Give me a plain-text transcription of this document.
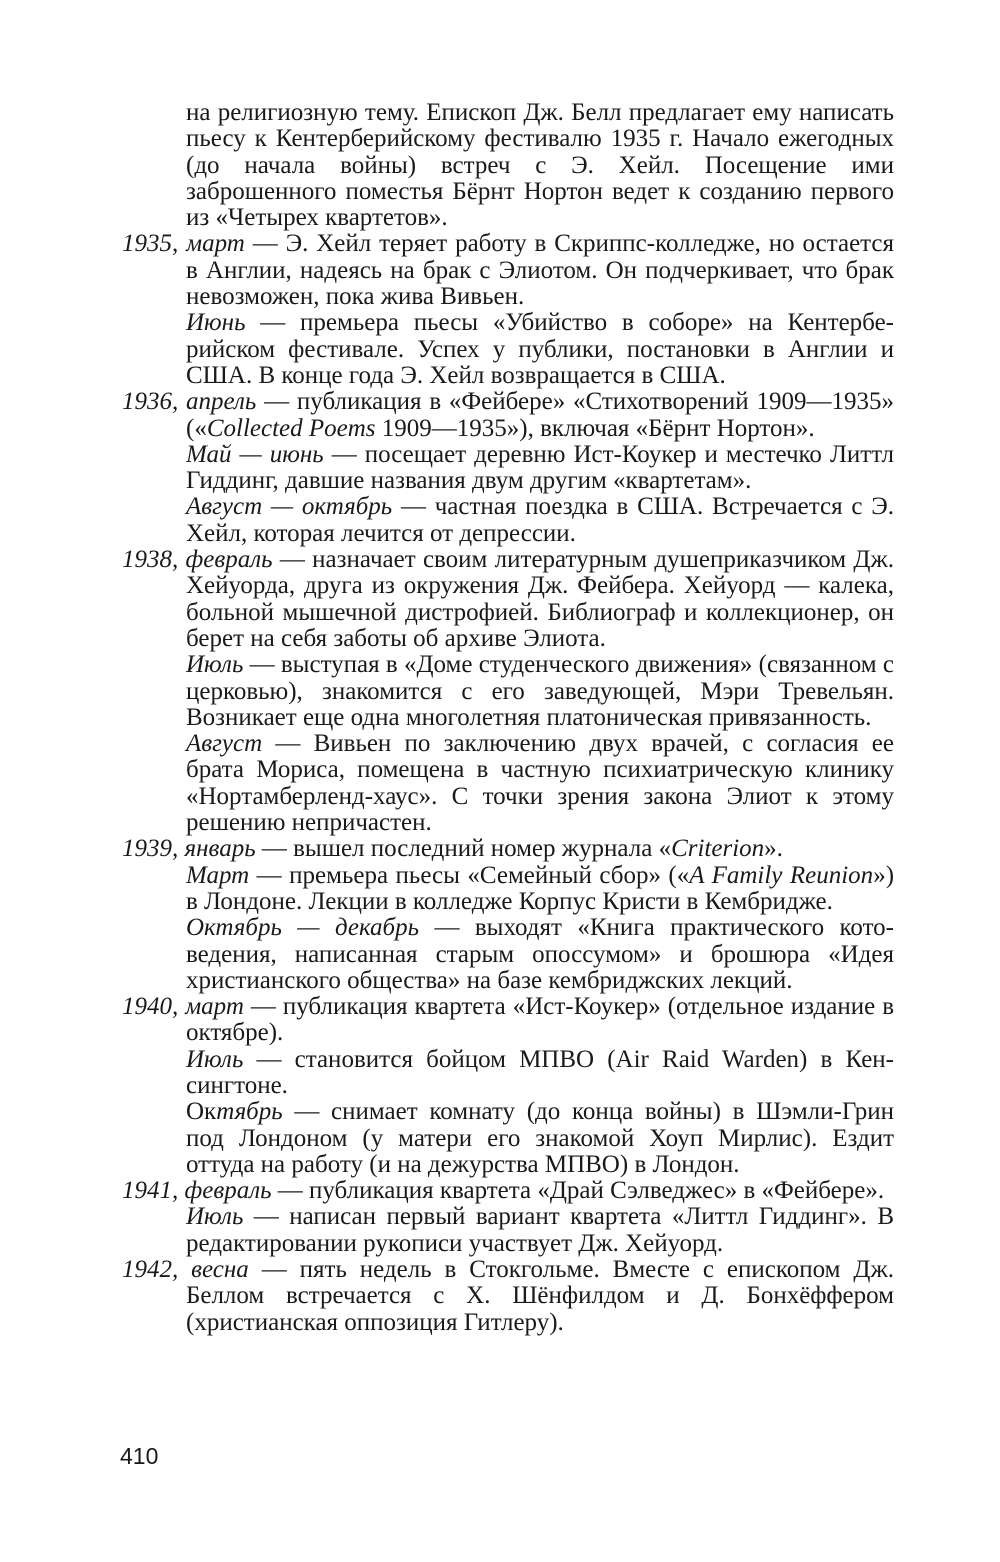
на религиозную тему. Епископ Дж. Белл предлагает ему написать пьесу к Кентерберийскому фестивалю 1935 г. Начало ежегодных (до начала войны) встреч с Э. Хейл. Посещение ими заброшенного поместья Бёрнт Нортон ведет к созданию первого из «Четырех квартетов».

1935, март — Э. Хейл теряет работу в Скриппс-колледже, но остается в Англии, надеясь на брак с Элиотом. Он подчеркивает, что брак невозможен, пока жива Вивьен.

Июнь — премьера пьесы «Убийство в соборе» на Кентерберийском фестивале. Успех у публики, постановки в Англии и США. В конце года Э. Хейл возвращается в США.

1936, апрель — публикация в «Фейбере» «Стихотворений 1909—1935» («Collected Poems 1909—1935»), включая «Бёрнт Нортон».

Май — июнь — посещает деревню Ист-Коукер и местечко Литтл Гиддинг, давшие названия двум другим «квартетам».

Август — октябрь — частная поездка в США. Встречается с Э. Хейл, которая лечится от депрессии.

1938, февраль — назначает своим литературным душеприказчиком Дж. Хейуорда, друга из окружения Дж. Фейбера. Хейуорд — калека, больной мышечной дистрофией. Библиограф и коллекционер, он берет на себя заботы об архиве Элиота.

Июль — выступая в «Доме студенческого движения» (связанном с церковью), знакомится с его заведующей, Мэри Тревельян. Возникает еще одна многолетняя платоническая привязанность.

Август — Вивьен по заключению двух врачей, с согласия ее брата Мориса, помещена в частную психиатрическую клинику «Нортамберленд-хаус». С точки зрения закона Элиот к этому решению непричастен.

1939, январь — вышел последний номер журнала «Criterion».

Март — премьера пьесы «Семейный сбор» («A Family Reunion») в Лондоне. Лекции в колледже Корпус Кристи в Кембридже.

Октябрь — декабрь — выходят «Книга практического котоведения, написанная старым опоссумом» и брошюра «Идея христианского общества» на базе кембриджских лекций.

1940, март — публикация квартета «Ист-Коукер» (отдельное издание в октябре).

Июль — становится бойцом МПВО (Air Raid Warden) в Кенсингтоне.

Октябрь — снимает комнату (до конца войны) в Шэмли-Грин под Лондоном (у матери его знакомой Хоуп Мирлис). Ездит оттуда на работу (и на дежурства МПВО) в Лондон.

1941, февраль — публикация квартета «Драй Сэлведжес» в «Фейбере».

Июль — написан первый вариант квартета «Литтл Гиддинг». В редактировании рукописи участвует Дж. Хейуорд.

1942, весна — пять недель в Стокгольме. Вместе с епископом Дж. Беллом встречается с Х. Шёнфилдом и Д. Бонхёффером (христианская оппозиция Гитлеру).

410
